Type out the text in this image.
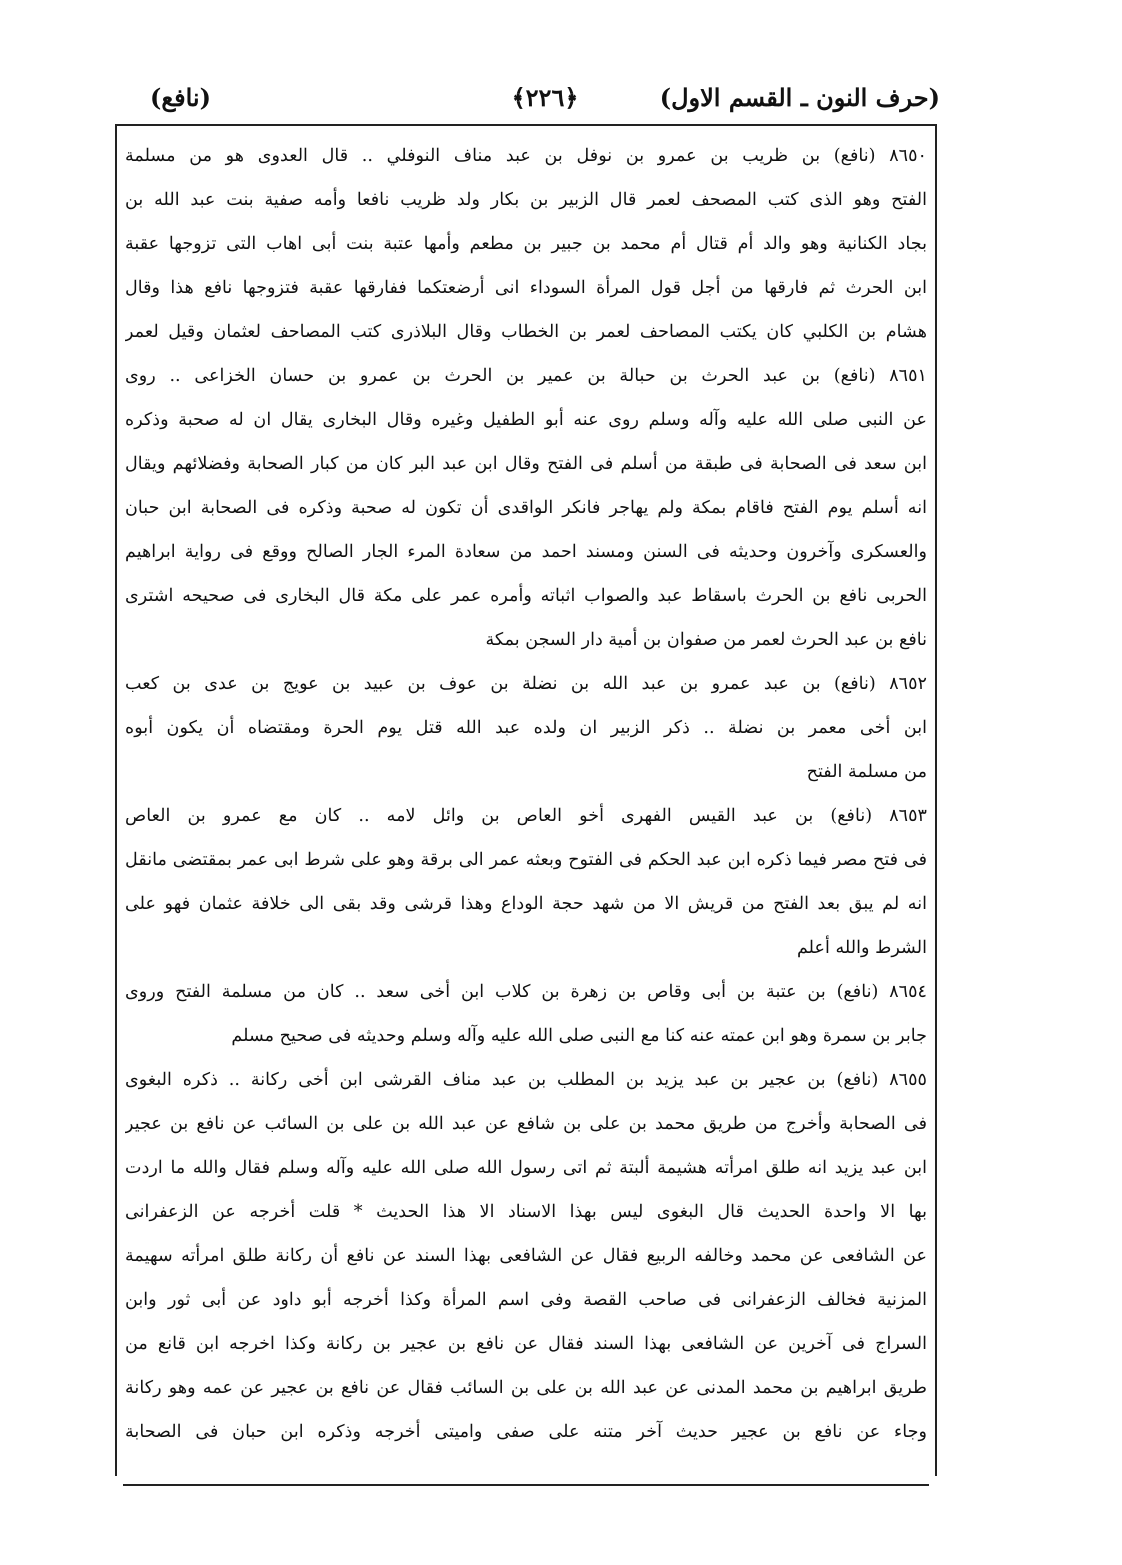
(حرف النون ـ القسم الاول)
﴿٢٢٦﴾
(نافع)
٨٦٥٠ (نافع) بن ظريب بن عمرو بن نوفل بن عبد مناف النوفلي .. قال العدوى هو من مسلمة
الفتح وهو الذى كتب المصحف لعمر قال الزبير بن بكار ولد ظريب نافعا وأمه صفية بنت عبد الله بن
بجاد الكنانية وهو والد أم قتال أم محمد بن جبير بن مطعم وأمها عتبة بنت أبى اهاب التى تزوجها عقبة
ابن الحرث ثم فارقها من أجل قول المرأة السوداء انى أرضعتكما ففارقها عقبة فتزوجها نافع هذا وقال
هشام بن الكلبي كان يكتب المصاحف لعمر بن الخطاب وقال البلاذرى كتب المصاحف لعثمان وقيل لعمر
٨٦٥١ (نافع) بن عبد الحرث بن حبالة بن عمير بن الحرث بن عمرو بن حسان الخزاعى .. روى
عن النبى صلى الله عليه وآله وسلم روى عنه أبو الطفيل وغيره وقال البخارى يقال ان له صحبة وذكره
ابن سعد فى الصحابة فى طبقة من أسلم فى الفتح وقال ابن عبد البر كان من كبار الصحابة وفضلائهم ويقال
انه أسلم يوم الفتح فاقام بمكة ولم يهاجر فانكر الواقدى أن تكون له صحبة وذكره فى الصحابة ابن حبان
والعسكرى وآخرون وحديثه فى السنن ومسند احمد من سعادة المرء الجار الصالح ووقع فى رواية ابراهيم
الحربى نافع بن الحرث باسقاط عبد والصواب اثباته وأمره عمر على مكة قال البخارى فى صحيحه اشترى
نافع بن عبد الحرث لعمر من صفوان بن أمية دار السجن بمكة
٨٦٥٢ (نافع) بن عبد عمرو بن عبد الله بن نضلة بن عوف بن عبيد بن عويج بن عدى بن كعب
ابن أخى معمر بن نضلة .. ذكر الزبير ان ولده عبد الله قتل يوم الحرة ومقتضاه أن يكون أبوه
من مسلمة الفتح
٨٦٥٣ (نافع) بن عبد القيس الفهرى أخو العاص بن وائل لامه .. كان مع عمرو بن العاص
فى فتح مصر فيما ذكره ابن عبد الحكم فى الفتوح وبعثه عمر الى برقة وهو على شرط ابى عمر بمقتضى مانقل
انه لم يبق بعد الفتح من قريش الا من شهد حجة الوداع وهذا قرشى وقد بقى الى خلافة عثمان فهو على
الشرط والله أعلم
٨٦٥٤ (نافع) بن عتبة بن أبى وقاص بن زهرة بن كلاب ابن أخى سعد .. كان من مسلمة الفتح وروى
جابر بن سمرة وهو ابن عمته عنه كنا مع النبى صلى الله عليه وآله وسلم وحديثه فى صحيح مسلم
٨٦٥٥ (نافع) بن عجير بن عبد يزيد بن المطلب بن عبد مناف القرشى ابن أخى ركانة .. ذكره البغوى
فى الصحابة وأخرج من طريق محمد بن على بن شافع عن عبد الله بن على بن السائب عن نافع بن عجير
ابن عبد يزيد انه طلق امرأته هشيمة ألبتة ثم اتى رسول الله صلى الله عليه وآله وسلم فقال والله ما اردت
بها الا واحدة الحديث قال البغوى ليس بهذا الاسناد الا هذا الحديث * قلت أخرجه عن الزعفرانى
عن الشافعى عن محمد وخالفه الربيع فقال عن الشافعى بهذا السند عن نافع أن ركانة طلق امرأته سهيمة
المزنية فخالف الزعفرانى فى صاحب القصة وفى اسم المرأة وكذا أخرجه أبو داود عن أبى ثور وابن
السراج فى آخرين عن الشافعى بهذا السند فقال عن نافع بن عجير بن ركانة وكذا اخرجه ابن قانع من
طريق ابراهيم بن محمد المدنى عن عبد الله بن على بن السائب فقال عن نافع بن عجير عن عمه وهو ركانة
وجاء عن نافع بن عجير حديث آخر متنه على صفى واميتى أخرجه وذكره ابن حبان فى الصحابة
